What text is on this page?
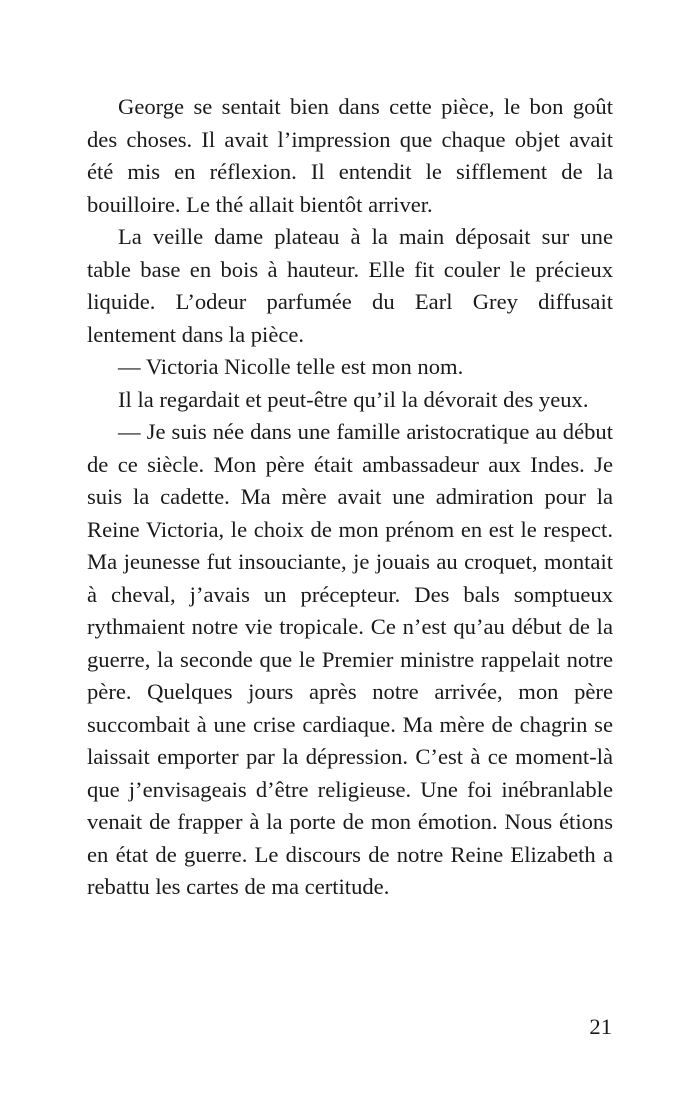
George se sentait bien dans cette pièce, le bon goût des choses. Il avait l’impression que chaque objet avait été mis en réflexion. Il entendit le sifflement de la bouilloire. Le thé allait bientôt arriver.

La veille dame plateau à la main déposait sur une table base en bois à hauteur. Elle fit couler le précieux liquide. L’odeur parfumée du Earl Grey diffusait lentement dans la pièce.

— Victoria Nicolle telle est mon nom.

Il la regardait et peut-être qu’il la dévorait des yeux.

— Je suis née dans une famille aristocratique au début de ce siècle. Mon père était ambassadeur aux Indes. Je suis la cadette. Ma mère avait une admiration pour la Reine Victoria, le choix de mon prénom en est le respect. Ma jeunesse fut insouciante, je jouais au croquet, montait à cheval, j’avais un précepteur. Des bals somptueux rythmaient notre vie tropicale. Ce n’est qu’au début de la guerre, la seconde que le Premier ministre rappelait notre père. Quelques jours après notre arrivée, mon père succombait à une crise cardiaque. Ma mère de chagrin se laissait emporter par la dépression. C’est à ce moment-là que j’envisageais d’être religieuse. Une foi inébranlable venait de frapper à la porte de mon émotion. Nous étions en état de guerre. Le discours de notre Reine Elizabeth a rebattu les cartes de ma certitude.

21
